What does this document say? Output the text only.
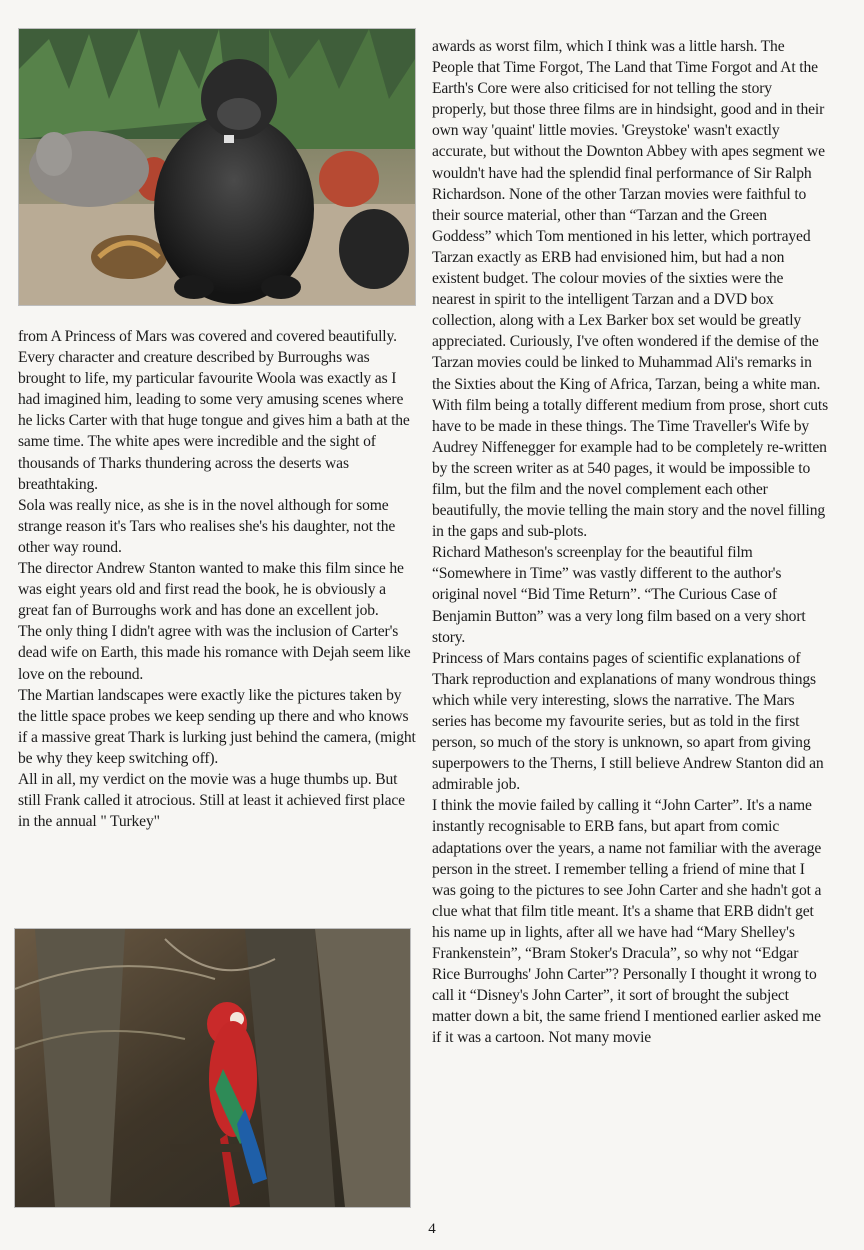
from A Princess of Mars was covered and covered beautifully.

Every character and creature described by Burroughs was brought to life, my particular favourite Woola was exactly as I had imagined him, leading to some very amusing scenes where he licks Carter with that huge tongue and gives him a bath at the same time. The white apes were incredible and the sight of thousands of Tharks thundering across the deserts was breathtaking.

Sola was really nice, as she is in the novel although for some strange reason it's Tars who realises she's his daughter, not the other way round.

The director Andrew Stanton wanted to make this film since he was eight years old and first read the book, he is obviously a great fan of Burroughs work and has done an excellent job.

The only thing I didn't agree with was the inclusion of Carter's dead wife on Earth, this made his romance with Dejah seem like love on the rebound.

The Martian landscapes were exactly like the pictures taken by the little space probes we keep sending up there and who knows if a massive great Thark is lurking just behind the camera, (might be why they keep switching off).

All in all, my verdict on the movie was a huge thumbs up. But still Frank called it atrocious. Still at least it achieved first place in the annual " Turkey"

awards as worst film, which I think was a little harsh. The People that Time Forgot, The Land that Time Forgot and At the Earth's Core were also criticised for not telling the story properly, but those three films are in hindsight, good and in their own way 'quaint' little movies. 'Greystoke' wasn't exactly accurate, but without the Downton Abbey with apes segment we wouldn't have had the splendid final performance of Sir Ralph Richardson. None of the other Tarzan movies were faithful to their source material, other than “Tarzan and the Green Goddess” which Tom mentioned in his letter, which portrayed Tarzan exactly as ERB had envisioned him, but had a non existent budget. The colour movies of the sixties were the nearest in spirit to the intelligent Tarzan and a DVD box collection, along with a Lex Barker box set would be greatly appreciated. Curiously, I've often wondered if the demise of the Tarzan movies could be linked to Muhammad Ali's remarks in the Sixties about the King of Africa, Tarzan, being a white man.

With film being a totally different medium from prose, short cuts have to be made in these things. The Time Traveller's Wife by Audrey Niffenegger for example had to be completely re-written by the screen writer as at 540 pages, it would be impossible to film, but the film and the novel complement each other beautifully, the movie telling the main story and the novel filling in the gaps and sub-plots.

Richard Matheson's screenplay for the beautiful film “Somewhere in Time” was vastly different to the author's original novel “Bid Time Return”. “The Curious Case of Benjamin Button” was a very long film based on a very short story.

Princess of Mars contains pages of scientific explanations of Thark reproduction and explanations of many wondrous things which while very interesting, slows the narrative. The Mars series has become my favourite series, but as told in the first person, so much of the story is unknown, so apart from giving superpowers to the Therns, I still believe Andrew Stanton did an admirable job.

I think the movie failed by calling it “John Carter”. It's a name instantly recognisable to ERB fans, but apart from comic adaptations over the years, a name not familiar with the average person in the street. I remember telling a friend of mine that I was going to the pictures to see John Carter and she hadn't got a clue what that film title meant. It's a shame that ERB didn't get his name up in lights, after all we have had “Mary Shelley's Frankenstein”, “Bram Stoker's Dracula”, so why not “Edgar Rice Burroughs' John Carter”? Personally I thought it wrong to call it “Disney's John Carter”, it sort of brought the subject matter down a bit, the same friend I mentioned earlier asked me if it was a cartoon. Not many movie

4
